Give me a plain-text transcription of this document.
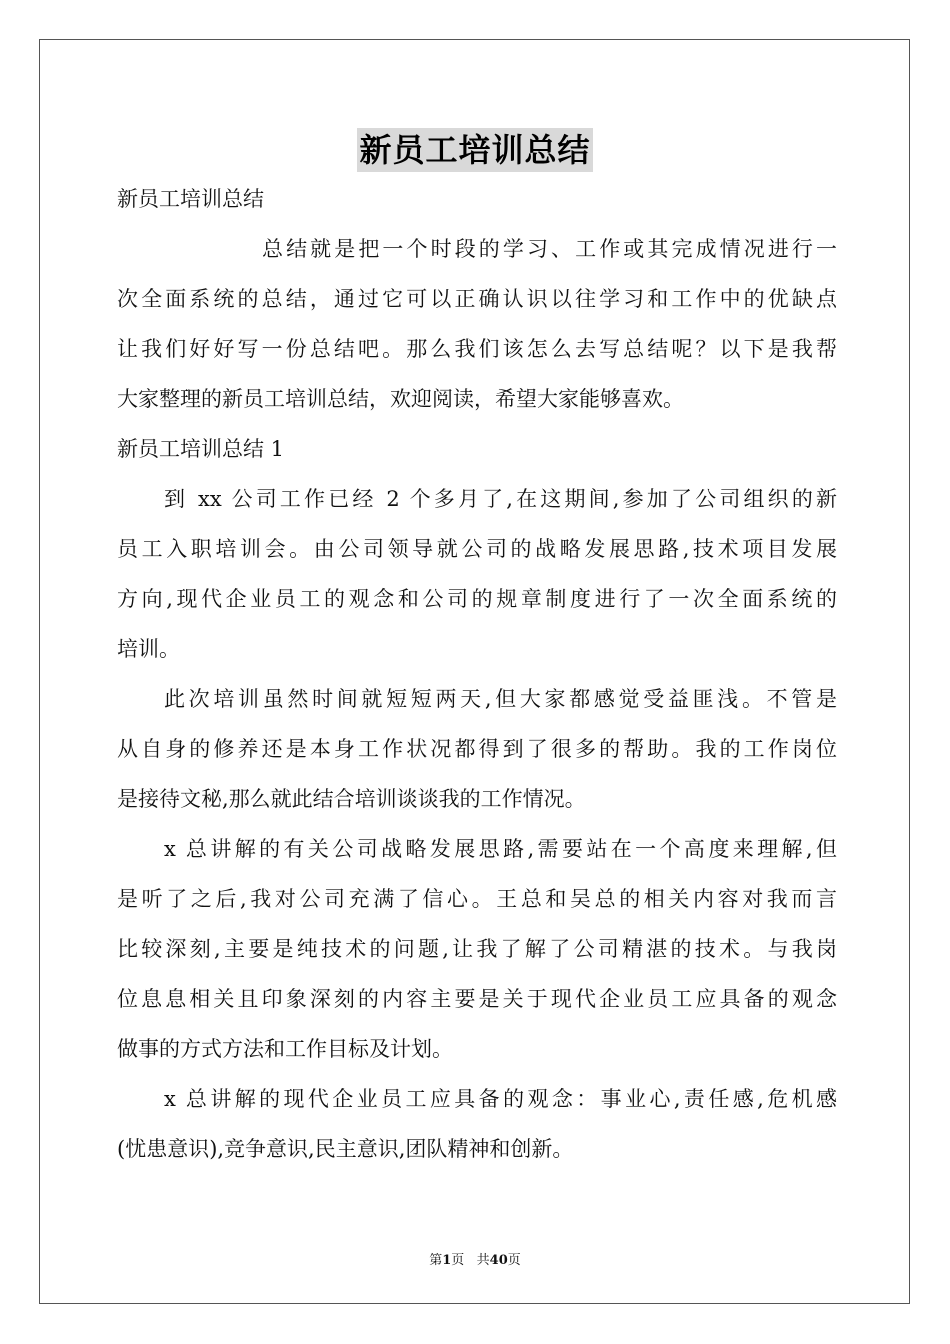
新员工培训总结
新员工培训总结
总结就是把一个时段的学习、工作或其完成情况进行一
次全面系统的总结，通过它可以正确认识以往学习和工作中的优缺点
让我们好好写一份总结吧。那么我们该怎么去写总结呢？以下是我帮
大家整理的新员工培训总结，欢迎阅读，希望大家能够喜欢。
新员工培训总结 1
到 xx 公司工作已经 2 个多月了,在这期间,参加了公司组织的新
员工入职培训会。由公司领导就公司的战略发展思路,技术项目发展
方向,现代企业员工的观念和公司的规章制度进行了一次全面系统的
培训。
此次培训虽然时间就短短两天,但大家都感觉受益匪浅。不管是
从自身的修养还是本身工作状况都得到了很多的帮助。我的工作岗位
是接待文秘,那么就此结合培训谈谈我的工作情况。
x 总讲解的有关公司战略发展思路,需要站在一个高度来理解,但
是听了之后,我对公司充满了信心。王总和吴总的相关内容对我而言
比较深刻,主要是纯技术的问题,让我了解了公司精湛的技术。与我岗
位息息相关且印象深刻的内容主要是关于现代企业员工应具备的观念
做事的方式方法和工作目标及计划。
x 总讲解的现代企业员工应具备的观念：事业心,责任感,危机感
(忧患意识),竞争意识,民主意识,团队精神和创新。
第1页   共40页
